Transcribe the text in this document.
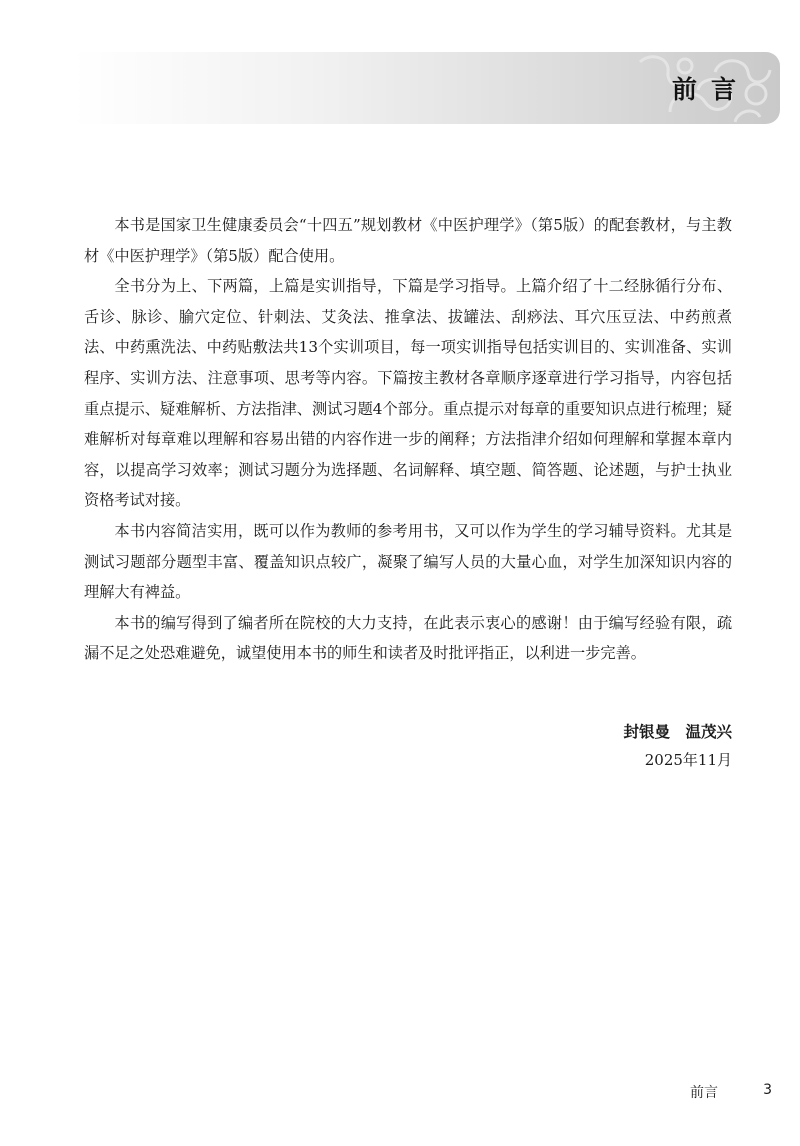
前言

本书是国家卫生健康委员会“十四五”规划教材《中医护理学》（第5版）的配套教材，与主教材《中医护理学》（第5版）配合使用。

全书分为上、下两篇，上篇是实训指导，下篇是学习指导。上篇介绍了十二经脉循行分布、舌诊、脉诊、腧穴定位、针刺法、艾灸法、推拿法、拔罐法、刮痧法、耳穴压豆法、中药煎煮法、中药熏洗法、中药贴敷法共13个实训项目，每一项实训指导包括实训目的、实训准备、实训程序、实训方法、注意事项、思考等内容。下篇按主教材各章顺序逐章进行学习指导，内容包括重点提示、疑难解析、方法指津、测试习题4个部分。重点提示对每章的重要知识点进行梳理；疑难解析对每章难以理解和容易出错的内容作进一步的阐释；方法指津介绍如何理解和掌握本章内容，以提高学习效率；测试习题分为选择题、名词解释、填空题、简答题、论述题，与护士执业资格考试对接。

本书内容简洁实用，既可以作为教师的参考用书，又可以作为学生的学习辅导资料。尤其是测试习题部分题型丰富、覆盖知识点较广，凝聚了编写人员的大量心血，对学生加深知识内容的理解大有裨益。

本书的编写得到了编者所在院校的大力支持，在此表示衷心的感谢！由于编写经验有限，疏漏不足之处恐难避免，诚望使用本书的师生和读者及时批评指正，以利进一步完善。

封银曼　温茂兴
2025年11月
前言	3
